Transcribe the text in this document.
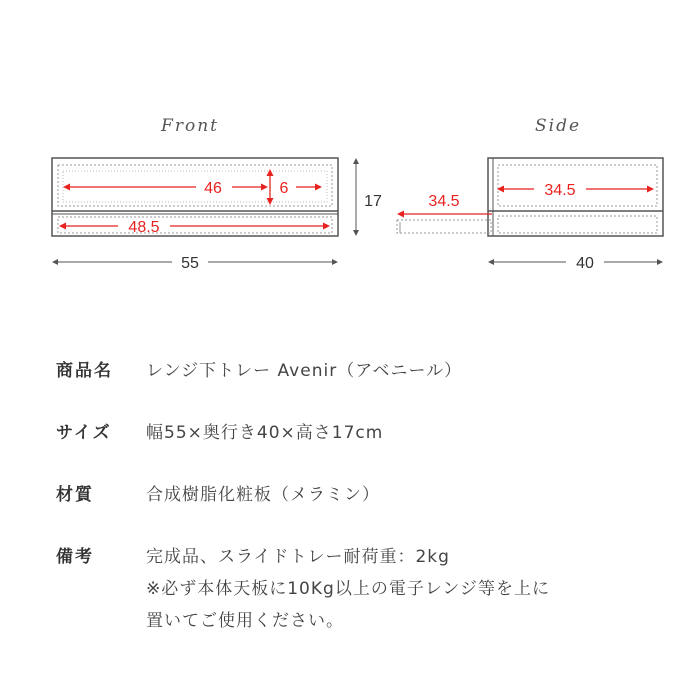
Front	Side
46	6
48.5
55
17	34.5
34.5
40
商品名	レンジ下トレー Avenir（アベニール）
サイズ	幅55×奥行き40×高さ17cm
材質	合成樹脂化粧板（メラミン）
備考	完成品、スライドトレー耐荷重：2kg
※必ず本体天板に10Kg以上の電子レンジ等を上に
置いてご使用ください。
